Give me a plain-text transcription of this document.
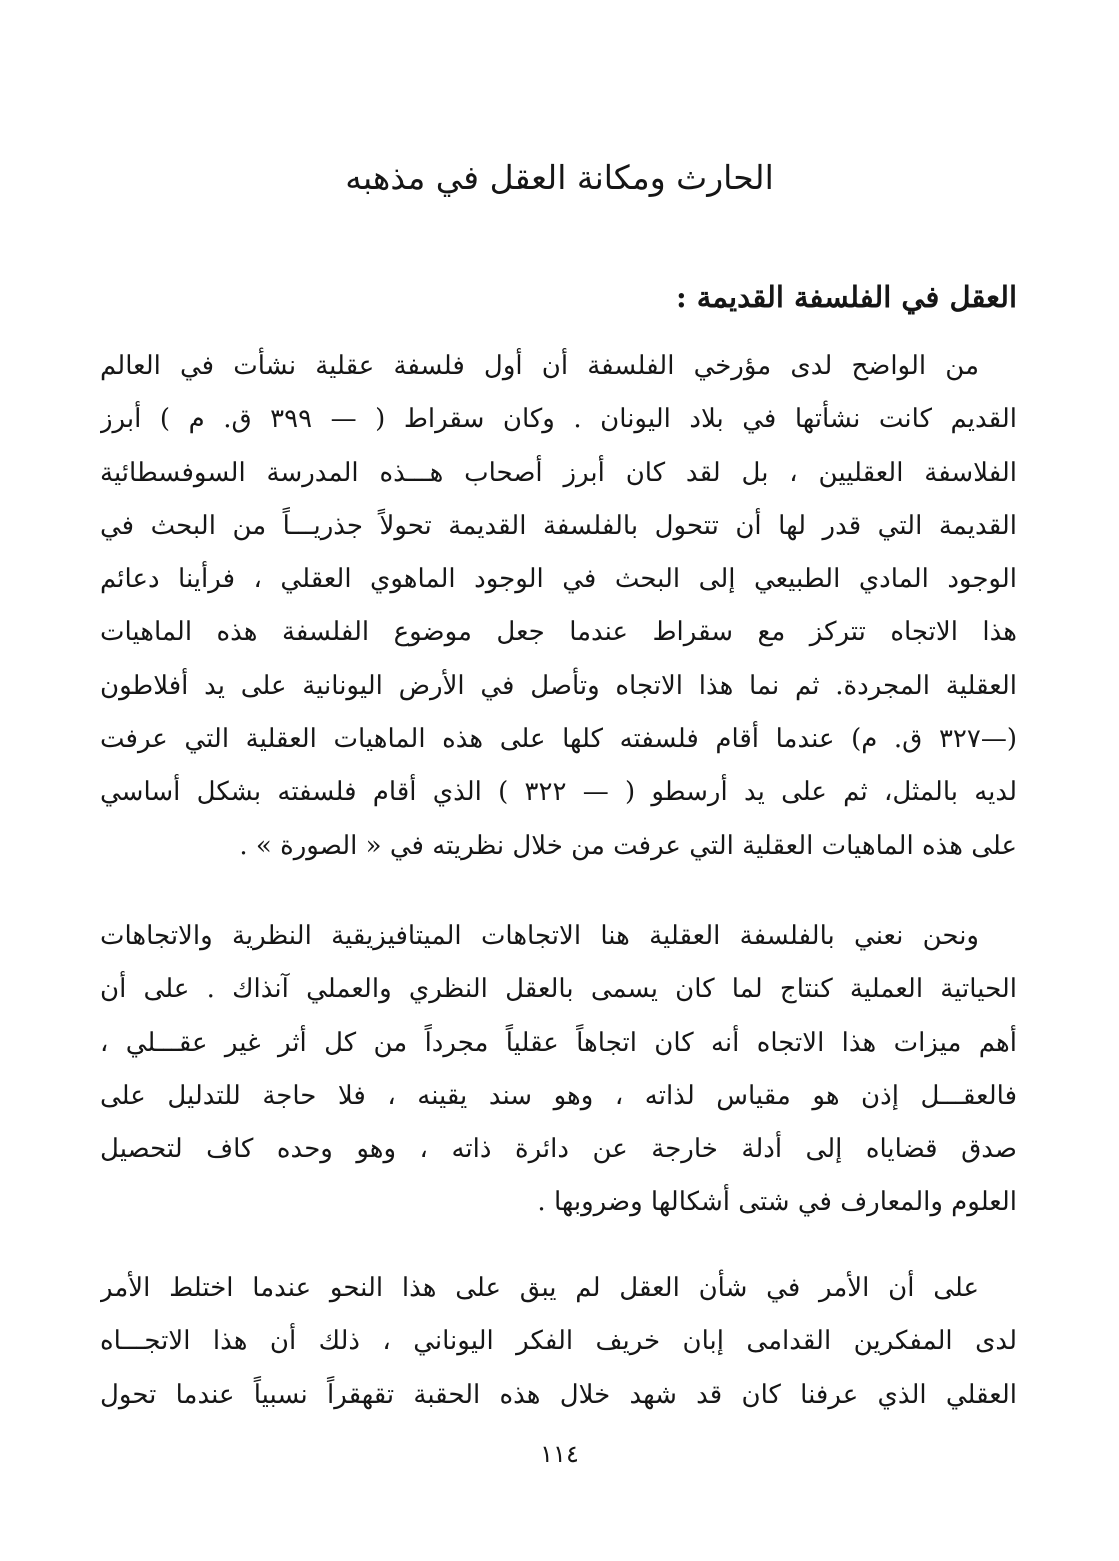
الحارث ومكانة العقل في مذهبه
العقل في الفلسفة القديمة :
من الواضح لدى مؤرخي الفلسفة أن أول فلسفة عقلية نشأت في العالم
القديم كانت نشأتها في بلاد اليونان . وكان سقراط ( — ٣٩٩ ق. م ) أبرز
الفلاسفة العقليين ، بل لقد كان أبرز أصحاب هـــذه المدرسة السوفسطائية
القديمة التي قدر لها أن تتحول بالفلسفة القديمة تحولاً جذريـــاً من البحث في
الوجود المادي الطبيعي إلى البحث في الوجود الماهوي العقلي ، فرأينا دعائم
هذا الاتجاه تتركز مع سقراط عندما جعل موضوع الفلسفة هذه الماهيات
العقلية المجردة. ثم نما هذا الاتجاه وتأصل في الأرض اليونانية على يد أفلاطون
(—٣٢٧ ق. م) عندما أقام فلسفته كلها على هذه الماهيات العقلية التي عرفت
لديه بالمثل، ثم على يد أرسطو ( — ٣٢٢ ) الذي أقام فلسفته بشكل أساسي
على هذه الماهيات العقلية التي عرفت من خلال نظريته في « الصورة » .
ونحن نعني بالفلسفة العقلية هنا الاتجاهات الميتافيزيقية النظرية والاتجاهات
الحياتية العملية كنتاج لما كان يسمى بالعقل النظري والعملي آنذاك . على أن
أهم ميزات هذا الاتجاه أنه كان اتجاهاً عقلياً مجرداً من كل أثر غير عقـــلي ،
فالعقـــل إذن هو مقياس لذاته ، وهو سند يقينه ، فلا حاجة للتدليل على
صدق قضاياه إلى أدلة خارجة عن دائرة ذاته ، وهو وحده كاف لتحصيل
العلوم والمعارف في شتى أشكالها وضروبها .
على أن الأمر في شأن العقل لم يبق على هذا النحو عندما اختلط الأمر
لدى المفكرين القدامى إبان خريف الفكر اليوناني ، ذلك أن هذا الاتجـــاه
العقلي الذي عرفنا كان قد شهد خلال هذه الحقبة تقهقراً نسبياً عندما تحول
١١٤
